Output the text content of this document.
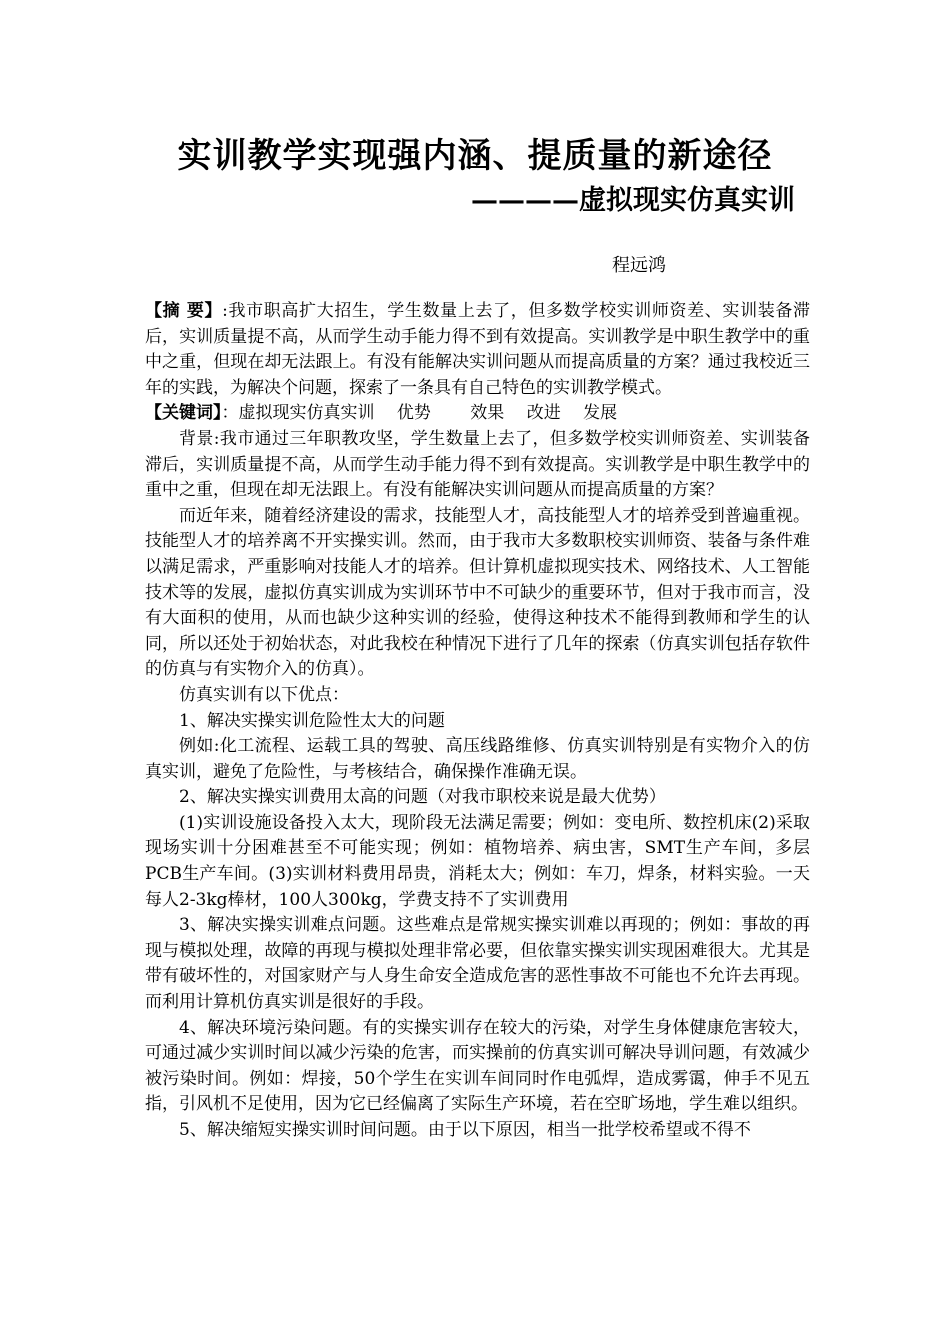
实训教学实现强内涵、提质量的新途径
————虚拟现实仿真实训
程远鸿

【摘 要】:我市职高扩大招生，学生数量上去了，但多数学校实训师资差、实训装备滞后，实训质量提不高，从而学生动手能力得不到有效提高。实训教学是中职生教学中的重中之重，但现在却无法跟上。有没有能解决实训问题从而提高质量的方案？通过我校近三年的实践，为解决个问题，探索了一条具有自己特色的实训教学模式。

【关键词】：虚拟现实仿真实训　 优势　　 效果　 改进　 发展

背景:我市通过三年职教攻坚，学生数量上去了，但多数学校实训师资差、实训装备滞后，实训质量提不高，从而学生动手能力得不到有效提高。实训教学是中职生教学中的重中之重，但现在却无法跟上。有没有能解决实训问题从而提高质量的方案？

而近年来，随着经济建设的需求，技能型人才，高技能型人才的培养受到普遍重视。技能型人才的培养离不开实操实训。然而，由于我市大多数职校实训师资、装备与条件难以满足需求，严重影响对技能人才的培养。但计算机虚拟现实技术、网络技术、人工智能技术等的发展，虚拟仿真实训成为实训环节中不可缺少的重要环节，但对于我市而言，没有大面积的使用，从而也缺少这种实训的经验，使得这种技术不能得到教师和学生的认同，所以还处于初始状态，对此我校在种情况下进行了几年的探索（仿真实训包括存软件的仿真与有实物介入的仿真）。

仿真实训有以下优点：

1、解决实操实训危险性太大的问题

例如:化工流程、运载工具的驾驶、高压线路维修、仿真实训特别是有实物介入的仿真实训，避免了危险性，与考核结合，确保操作准确无误。

2、解决实操实训费用太高的问题（对我市职校来说是最大优势）

(1)实训设施设备投入太大，现阶段无法满足需要；例如：变电所、数控机床(2)采取现场实训十分困难甚至不可能实现；例如：植物培养、病虫害，SMT生产车间，多层PCB生产车间。(3)实训材料费用昂贵，消耗太大；例如：车刀，焊条，材料实验。一天每人2-3kg棒材，100人300kg，学费支持不了实训费用

3、解决实操实训难点问题。这些难点是常规实操实训难以再现的；例如：事故的再现与模拟处理，故障的再现与模拟处理非常必要，但依靠实操实训实现困难很大。尤其是带有破坏性的，对国家财产与人身生命安全造成危害的恶性事故不可能也不允许去再现。而利用计算机仿真实训是很好的手段。

4、解决环境污染问题。有的实操实训存在较大的污染，对学生身体健康危害较大，可通过减少实训时间以减少污染的危害，而实操前的仿真实训可解决导训问题，有效减少被污染时间。例如：焊接，50个学生在实训车间同时作电弧焊，造成雾霭，伸手不见五指，引风机不足使用，因为它已经偏离了实际生产环境，若在空旷场地，学生难以组织。

5、解决缩短实操实训时间问题。由于以下原因，相当一批学校希望或不得不
